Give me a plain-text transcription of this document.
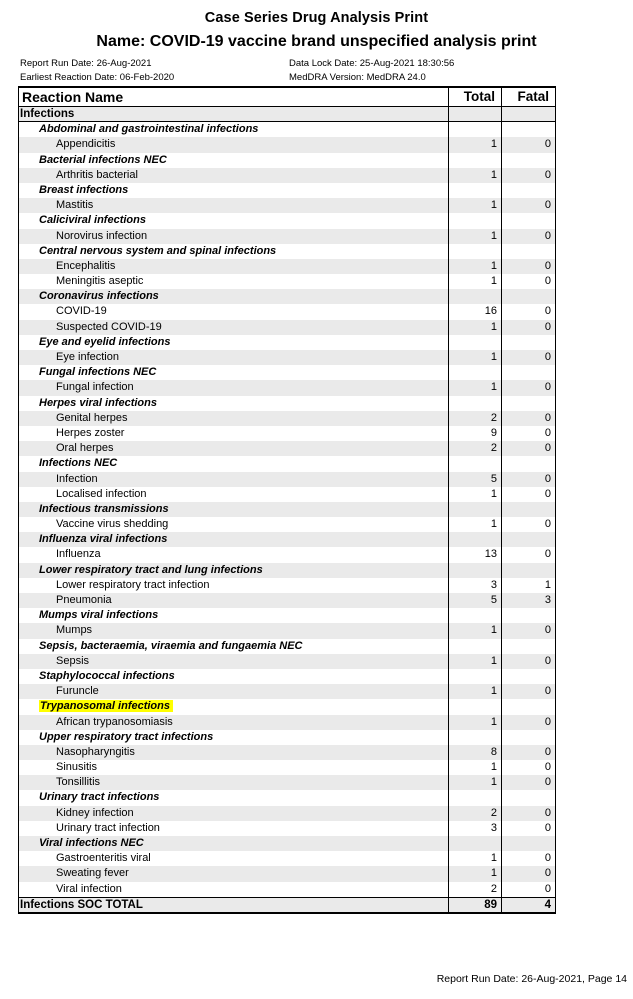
Case Series Drug Analysis Print
Name: COVID-19 vaccine brand unspecified analysis print
Report Run Date: 26-Aug-2021
Earliest Reaction Date: 06-Feb-2020
Data Lock Date: 25-Aug-2021 18:30:56
MedDRA Version: MedDRA 24.0
Reaction Name	Total	Fatal
Infections
Abdominal and gastrointestinal infections
Appendicitis	1	0
Bacterial infections NEC
Arthritis bacterial	1	0
Breast infections
Mastitis	1	0
Caliciviral infections
Norovirus infection	1	0
Central nervous system and spinal infections
Encephalitis	1	0
Meningitis aseptic	1	0
Coronavirus infections
COVID-19	16	0
Suspected COVID-19	1	0
Eye and eyelid infections
Eye infection	1	0
Fungal infections NEC
Fungal infection	1	0
Herpes viral infections
Genital herpes	2	0
Herpes zoster	9	0
Oral herpes	2	0
Infections NEC
Infection	5	0
Localised infection	1	0
Infectious transmissions
Vaccine virus shedding	1	0
Influenza viral infections
Influenza	13	0
Lower respiratory tract and lung infections
Lower respiratory tract infection	3	1
Pneumonia	5	3
Mumps viral infections
Mumps	1	0
Sepsis, bacteraemia, viraemia and fungaemia NEC
Sepsis	1	0
Staphylococcal infections
Furuncle	1	0
Trypanosomal infections
African trypanosomiasis	1	0
Upper respiratory tract infections
Nasopharyngitis	8	0
Sinusitis	1	0
Tonsillitis	1	0
Urinary tract infections
Kidney infection	2	0
Urinary tract infection	3	0
Viral infections NEC
Gastroenteritis viral	1	0
Sweating fever	1	0
Viral infection	2	0
Infections SOC TOTAL	89	4
Report Run Date: 26-Aug-2021, Page 14
